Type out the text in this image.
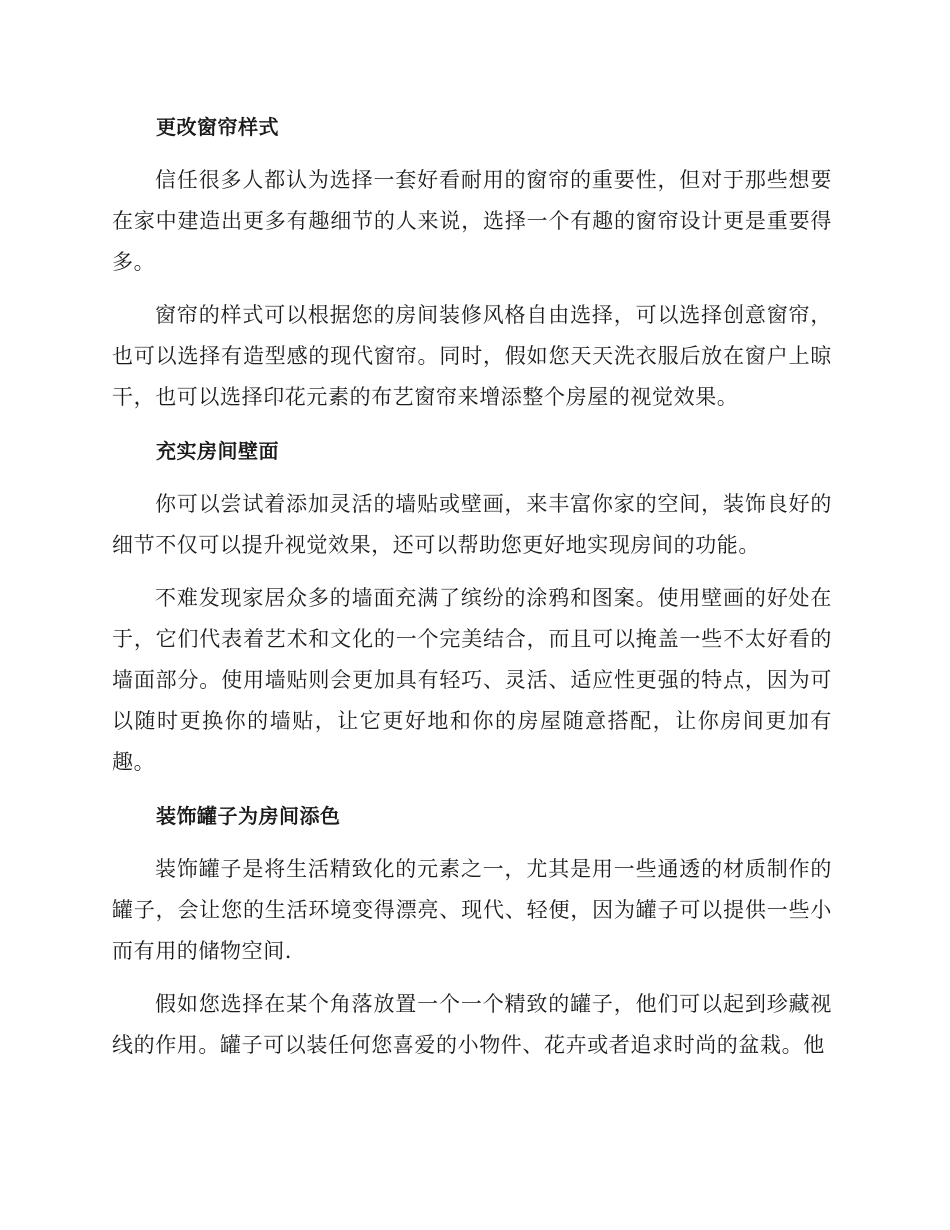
更改窗帘样式

信任很多人都认为选择一套好看耐用的窗帘的重要性，但对于那些想要在家中建造出更多有趣细节的人来说，选择一个有趣的窗帘设计更是重要得多。

窗帘的样式可以根据您的房间装修风格自由选择，可以选择创意窗帘，也可以选择有造型感的现代窗帘。同时，假如您天天洗衣服后放在窗户上晾干，也可以选择印花元素的布艺窗帘来增添整个房屋的视觉效果。

充实房间壁面

你可以尝试着添加灵活的墙贴或壁画，来丰富你家的空间，装饰良好的细节不仅可以提升视觉效果，还可以帮助您更好地实现房间的功能。

不难发现家居众多的墙面充满了缤纷的涂鸦和图案。使用壁画的好处在于，它们代表着艺术和文化的一个完美结合，而且可以掩盖一些不太好看的墙面部分。使用墙贴则会更加具有轻巧、灵活、适应性更强的特点，因为可以随时更换你的墙贴，让它更好地和你的房屋随意搭配，让你房间更加有趣。

装饰罐子为房间添色

装饰罐子是将生活精致化的元素之一，尤其是用一些通透的材质制作的罐子，会让您的生活环境变得漂亮、现代、轻便，因为罐子可以提供一些小而有用的储物空间.

假如您选择在某个角落放置一个一个精致的罐子，他们可以起到珍藏视线的作用。罐子可以装任何您喜爱的小物件、花卉或者追求时尚的盆栽。他
